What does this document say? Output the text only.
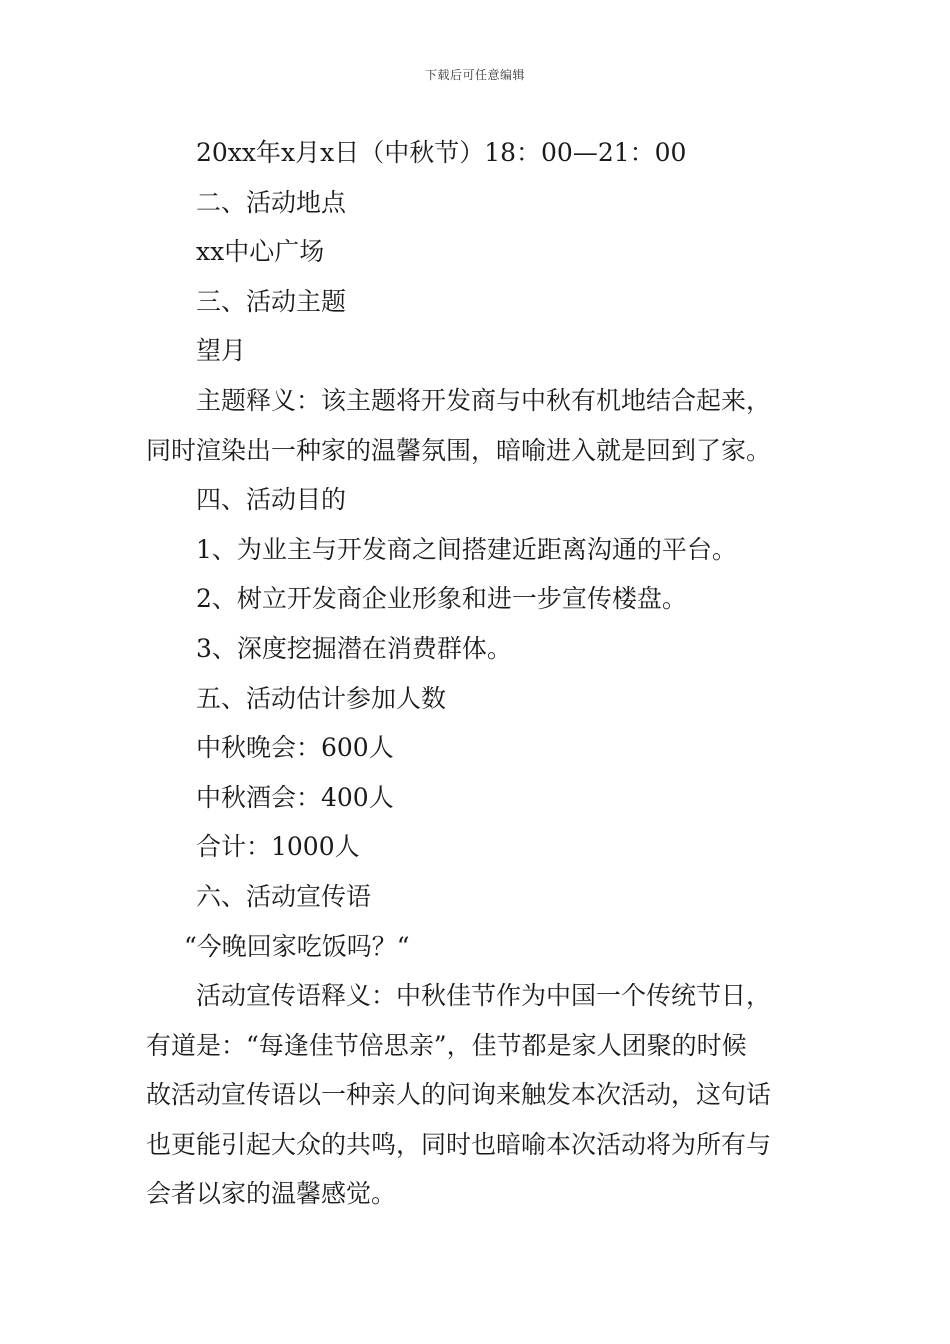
下载后可任意编辑
20xx年x月x日（中秋节）18：00—21：00
二、活动地点
xx中心广场
三、活动主题
望月
主题释义：该主题将开发商与中秋有机地结合起来，
同时渲染出一种家的温馨氛围，暗喻进入就是回到了家。
四、活动目的
1、为业主与开发商之间搭建近距离沟通的平台。
2、树立开发商企业形象和进一步宣传楼盘。
3、深度挖掘潜在消费群体。
五、活动估计参加人数
中秋晚会：600人
中秋酒会：400人
合计：1000人
六、活动宣传语
“今晚回家吃饭吗？“
活动宣传语释义：中秋佳节作为中国一个传统节日，
有道是：“每逢佳节倍思亲”，佳节都是家人团聚的时候
故活动宣传语以一种亲人的问询来触发本次活动，这句话
也更能引起大众的共鸣，同时也暗喻本次活动将为所有与
会者以家的温馨感觉。
